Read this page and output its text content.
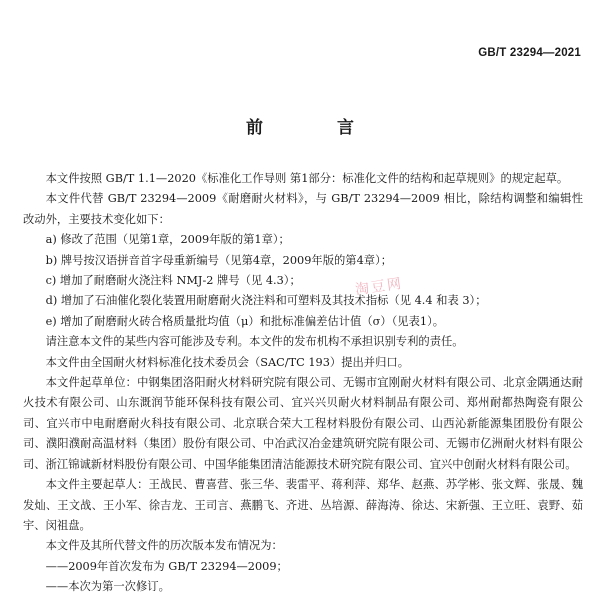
GB/T 23294—2021
前 言
淘豆网

本文件按照 GB/T 1.1—2020《标准化工作导则 第1部分：标准化文件的结构和起草规则》的规定起草。

本文件代替 GB/T 23294—2009《耐磨耐火材料》，与 GB/T 23294—2009 相比，除结构调整和编辑性改动外，主要技术变化如下：

a) 修改了范围（见第1章，2009年版的第1章）；

b) 牌号按汉语拼音首字母重新编号（见第4章，2009年版的第4章）；

c) 增加了耐磨耐火浇注料 NMJ-2 牌号（见 4.3）；

d) 增加了石油催化裂化装置用耐磨耐火浇注料和可塑料及其技术指标（见 4.4 和表 3）；

e) 增加了耐磨耐火砖合格质量批均值（μ）和批标准偏差估计值（σ）（见表1）。

请注意本文件的某些内容可能涉及专利。本文件的发布机构不承担识别专利的责任。

本文件由全国耐火材料标准化技术委员会（SAC/TC 193）提出并归口。

本文件起草单位：中钢集团洛阳耐火材料研究院有限公司、无锡市宜刚耐火材料有限公司、北京金隅通达耐火技术有限公司、山东溉润节能环保科技有限公司、宜兴兴贝耐火材料制品有限公司、郑州耐都热陶瓷有限公司、宜兴市中电耐磨耐火科技有限公司、北京联合荣大工程材料股份有限公司、山西沁新能源集团股份有限公司、濮阳濮耐高温材料（集团）股份有限公司、中冶武汉冶金建筑研究院有限公司、无锡市亿洲耐火材料有限公司、浙江锦诚新材料股份有限公司、中国华能集团清洁能源技术研究院有限公司、宜兴中创耐火材料有限公司。

本文件主要起草人：王战民、曹喜营、张三华、裴雷平、蒋利萍、郑华、赵燕、苏学彬、张文辉、张晟、魏发灿、王文战、王小军、徐吉龙、王司言、燕鹏飞、齐进、丛培源、薛海涛、徐达、宋新强、王立旺、袁野、茹宇、闵祖盘。

本文件及其所代替文件的历次版本发布情况为：

——2009年首次发布为 GB/T 23294—2009；

——本次为第一次修订。
